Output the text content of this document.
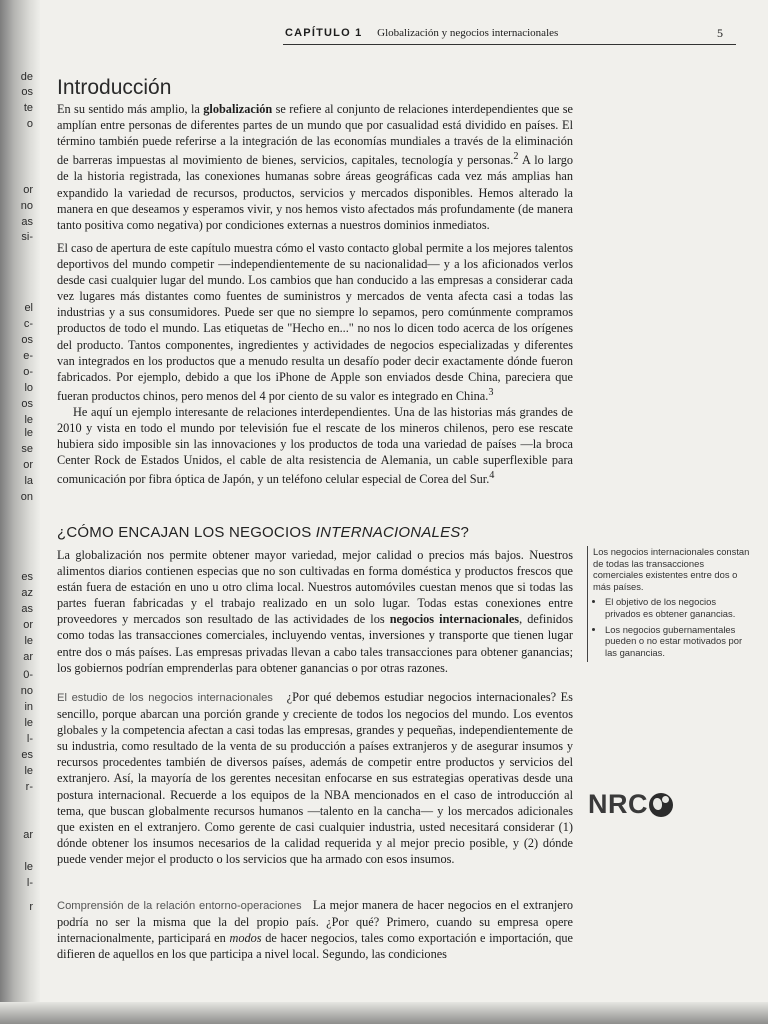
de
os
te
o
or
no
as
si-
el
c-
os
e-
o-
lo
os
le
le
se
or
la
on
es
az
as
or
le
ar
0-
no
in
le
l-
es
le
r-
ar
le
l-
r
CAPÍTULO 1 Globalización y negocios internacionales	5
Introducción

En su sentido más amplio, la globalización se refiere al conjunto de relaciones interdependientes que se amplían entre personas de diferentes partes de un mundo que por casualidad está dividido en países. El término también puede referirse a la integración de las economías mundiales a través de la eliminación de barreras impuestas al movimiento de bienes, servicios, capitales, tecnología y personas.$^2$ A lo largo de la historia registrada, las conexiones humanas sobre áreas geográficas cada vez más amplias han expandido la variedad de recursos, productos, servicios y mercados disponibles. Hemos alterado la manera en que deseamos y esperamos vivir, y nos hemos visto afectados más profundamente (de manera tanto positiva como negativa) por condiciones externas a nuestros dominios inmediatos.

El caso de apertura de este capítulo muestra cómo el vasto contacto global permite a los mejores talentos deportivos del mundo competir —independientemente de su nacionalidad— y a los aficionados verlos desde casi cualquier lugar del mundo. Los cambios que han conducido a las empresas a considerar cada vez lugares más distantes como fuentes de suministros y mercados de venta afecta casi a todas las industrias y a sus consumidores. Puede ser que no siempre lo sepamos, pero comúnmente compramos productos de todo el mundo. Las etiquetas de "Hecho en..." no nos lo dicen todo acerca de los orígenes del producto. Tantos componentes, ingredientes y actividades de negocios especializadas y diferentes van integrados en los productos que a menudo resulta un desafío poder decir exactamente dónde fueron fabricados. Por ejemplo, debido a que los iPhone de Apple son enviados desde China, pareciera que fueran productos chinos, pero menos del 4 por ciento de su valor es integrado en China.$^3$

He aquí un ejemplo interesante de relaciones interdependientes. Una de las historias más grandes de 2010 y vista en todo el mundo por televisión fue el rescate de los mineros chilenos, pero ese rescate hubiera sido imposible sin las innovaciones y los productos de toda una variedad de países —la broca Center Rock de Estados Unidos, el cable de alta resistencia de Alemania, un cable superflexible para comunicación por fibra óptica de Japón, y un teléfono celular especial de Corea del Sur.$^4$

¿CÓMO ENCAJAN LOS NEGOCIOS INTERNACIONALES?

La globalización nos permite obtener mayor variedad, mejor calidad o precios más bajos. Nuestros alimentos diarios contienen especias que no son cultivadas en forma doméstica y productos frescos que están fuera de estación en uno u otro clima local. Nuestros automóviles cuestan menos que si todas las partes fueran fabricadas y el trabajo realizado en un solo lugar. Todas estas conexiones entre proveedores y mercados son resultado de las actividades de los negocios internacionales, definidos como todas las transacciones comerciales, incluyendo ventas, inversiones y transporte que tienen lugar entre dos o más países. Las empresas privadas llevan a cabo tales transacciones para obtener ganancias; los gobiernos podrían emprenderlas para obtener ganancias o por otras razones.

El estudio de los negocios internacionales ¿Por qué debemos estudiar negocios internacionales? Es sencillo, porque abarcan una porción grande y creciente de todos los negocios del mundo. Los eventos globales y la competencia afectan a casi todas las empresas, grandes y pequeñas, independientemente de su industria, como resultado de la venta de su producción a países extranjeros y de asegurar insumos y recursos procedentes también de diversos países, además de competir entre productos y servicios del extranjero. Así, la mayoría de los gerentes necesitan enfocarse en sus estrategias operativas desde una postura internacional. Recuerde a los equipos de la NBA mencionados en el caso de introducción al tema, que buscan globalmente recursos humanos —talento en la cancha— y los mercados adicionales que existen en el extranjero. Como gerente de casi cualquier industria, usted necesitará considerar (1) dónde obtener los insumos necesarios de la calidad requerida y al mejor precio posible, y (2) dónde puede vender mejor el producto o los servicios que ha armado con esos insumos.

Comprensión de la relación entorno-operaciones La mejor manera de hacer negocios en el extranjero podría no ser la misma que la del propio país. ¿Por qué? Primero, cuando su empresa opere internacionalmente, participará en modos de hacer negocios, tales como exportación e importación, que difieren de aquellos en los que participa a nivel local. Segundo, las condiciones

Los negocios internacionales constan de todas las transacciones comerciales existentes entre dos o más países.
• El objetivo de los negocios privados es obtener ganancias.
• Los negocios gubernamentales pueden o no estar motivados por las ganancias.
NRC
